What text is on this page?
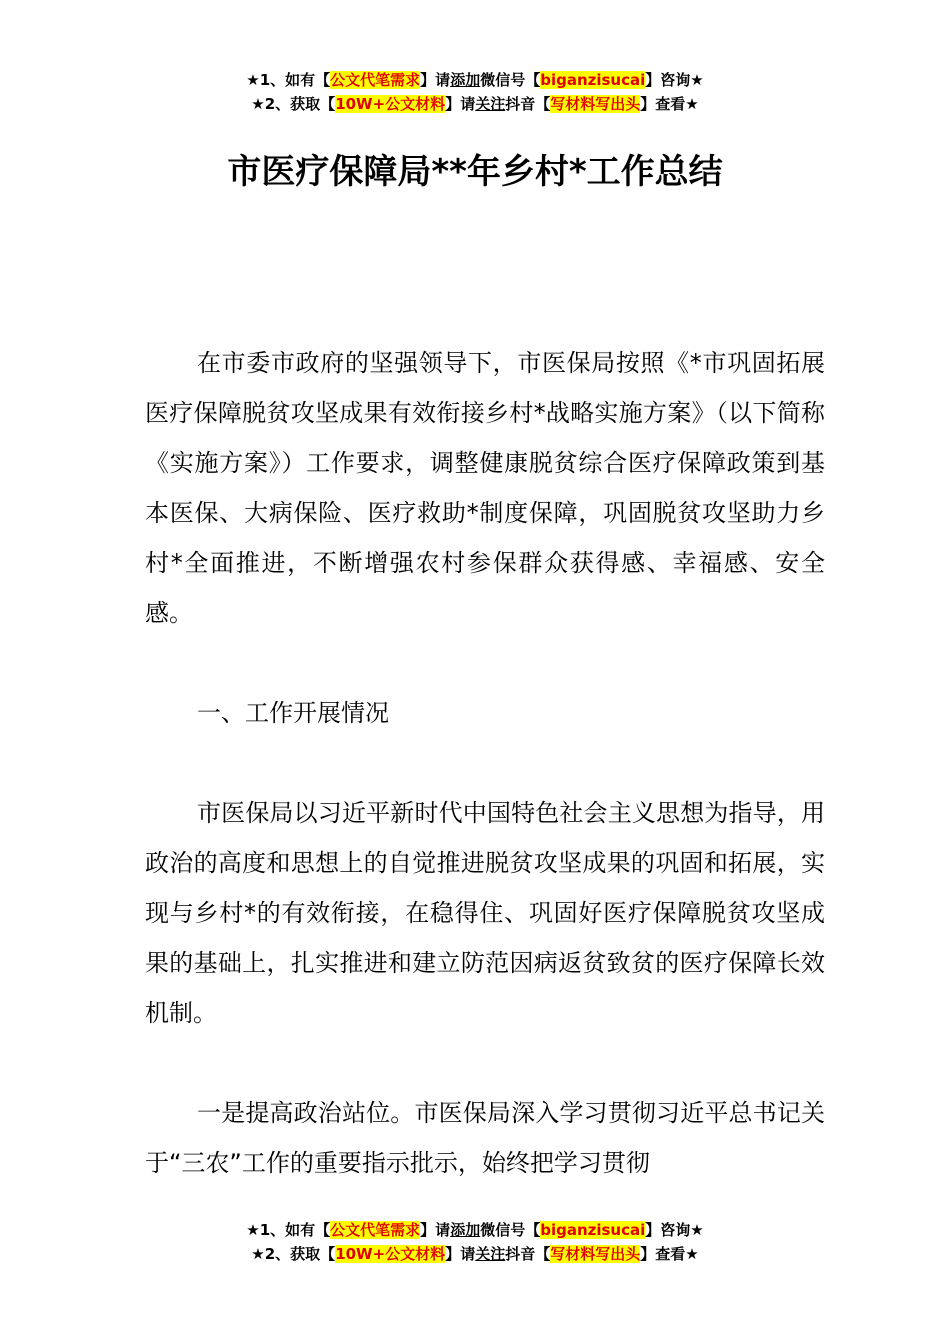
★1、如有【公文代笔需求】请添加微信号【biganzisucai】咨询★
★2、获取【10W+公文材料】请关注抖音【写材料写出头】查看★
市医疗保障局**年乡村*工作总结
在市委市政府的坚强领导下，市医保局按照《*市巩固拓展医疗保障脱贫攻坚成果有效衔接乡村*战略实施方案》（以下简称《实施方案》）工作要求，调整健康脱贫综合医疗保障政策到基本医保、大病保险、医疗救助*制度保障，巩固脱贫攻坚助力乡村*全面推进，不断增强农村参保群众获得感、幸福感、安全感。
一、工作开展情况
市医保局以习近平新时代中国特色社会主义思想为指导，用政治的高度和思想上的自觉推进脱贫攻坚成果的巩固和拓展，实现与乡村*的有效衔接，在稳得住、巩固好医疗保障脱贫攻坚成果的基础上，扎实推进和建立防范因病返贫致贫的医疗保障长效机制。
一是提高政治站位。市医保局深入学习贯彻习近平总书记关于“三农”工作的重要指示批示，始终把学习贯彻
★1、如有【公文代笔需求】请添加微信号【biganzisucai】咨询★
★2、获取【10W+公文材料】请关注抖音【写材料写出头】查看★
